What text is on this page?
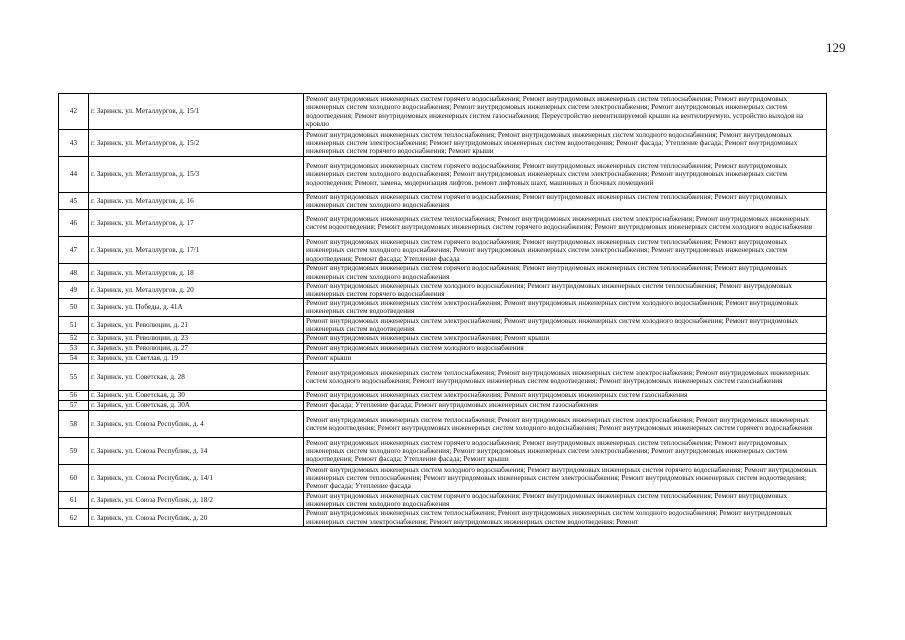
129
42	г. Заринск, ул. Металлургов, д. 15/1	Ремонт внутридомовых инженерных систем горячего водоснабжения; Ремонт внутридомовых инженерных систем теплоснабжения; Ремонт внутридомовых инженерных систем холодного водоснабжения; Ремонт внутридомовых инженерных систем электроснабжения; Ремонт внутридомовых инженерных систем водоотведения; Ремонт внутридомовых инженерных систем газоснабжения; Переустройство невентилируемой крыши на вентилируемую, устройство выходов на кровлю
43	г. Заринск, ул. Металлургов, д. 15/2	Ремонт внутридомовых инженерных систем теплоснабжения; Ремонт внутридомовых инженерных систем холодного водоснабжения; Ремонт внутридомовых инженерных систем электроснабжения; Ремонт внутридомовых инженерных систем водоотведения; Ремонт фасада; Утепление фасада; Ремонт внутридомовых инженерных систем горячего водоснабжения; Ремонт крыши
44	г. Заринск, ул. Металлургов, д. 15/3	Ремонт внутридомовых инженерных систем горячего водоснабжения; Ремонт внутридомовых инженерных систем теплоснабжения; Ремонт внутридомовых инженерных систем холодного водоснабжения; Ремонт внутридомовых инженерных систем электроснабжения; Ремонт внутридомовых инженерных систем водоотведения; Ремонт, замена, модернизация лифтов, ремонт лифтовых шахт, машинных и блочных помещений
45	г. Заринск, ул. Металлургов, д. 16	Ремонт внутридомовых инженерных систем горячего водоснабжения; Ремонт внутридомовых инженерных систем теплоснабжения; Ремонт внутридомовых инженерных систем холодного водоснабжения
46	г. Заринск, ул. Металлургов, д. 17	Ремонт внутридомовых инженерных систем теплоснабжения; Ремонт внутридомовых инженерных систем электроснабжения; Ремонт внутридомовых инженерных систем водоотведения; Ремонт внутридомовых инженерных систем горячего водоснабжения; Ремонт внутридомовых инженерных систем холодного водоснабжения
47	г. Заринск, ул. Металлургов, д. 17/1	Ремонт внутридомовых инженерных систем горячего водоснабжения; Ремонт внутридомовых инженерных систем теплоснабжения; Ремонт внутридомовых инженерных систем холодного водоснабжения; Ремонт внутридомовых инженерных систем электроснабжения; Ремонт внутридомовых инженерных систем водоотведения; Ремонт фасада; Утепление фасада
48	г. Заринск, ул. Металлургов, д. 18	Ремонт внутридомовых инженерных систем горячего водоснабжения; Ремонт внутридомовых инженерных систем теплоснабжения; Ремонт внутридомовых инженерных систем холодного водоснабжения
49	г. Заринск, ул. Металлургов, д. 20	Ремонт внутридомовых инженерных систем холодного водоснабжения; Ремонт внутридомовых инженерных систем теплоснабжения; Ремонт внутридомовых инженерных систем горячего водоснабжения
50	г. Заринск, ул. Победы, д. 41А	Ремонт внутридомовых инженерных систем электроснабжения; Ремонт внутридомовых инженерных систем холодного водоснабжения; Ремонт внутридомовых инженерных систем водоотведения
51	г. Заринск, ул. Революции, д. 21	Ремонт внутридомовых инженерных систем электроснабжения; Ремонт внутридомовых инженерных систем холодного водоснабжения; Ремонт внутридомовых инженерных систем водоотведения
52	г. Заринск, ул. Революции, д. 23	Ремонт внутридомовых инженерных систем электроснабжения; Ремонт крыши
53	г. Заринск, ул. Революции, д. 27	Ремонт внутридомовых инженерных систем холодного водоснабжения
54	г. Заринск, ул. Светлая, д. 19	Ремонт крыши
55	г. Заринск, ул. Советская, д. 28	Ремонт внутридомовых инженерных систем теплоснабжения; Ремонт внутридомовых инженерных систем электроснабжения; Ремонт внутридомовых инженерных систем холодного водоснабжения; Ремонт внутридомовых инженерных систем водоотведения; Ремонт внутридомовых инженерных систем газоснабжения
56	г. Заринск, ул. Советская, д. 30	Ремонт внутридомовых инженерных систем электроснабжения; Ремонт внутридомовых инженерных систем газоснабжения
57	г. Заринск, ул. Советская, д. 30А	Ремонт фасада; Утепление фасада; Ремонт внутридомовых инженерных систем газоснабжения
58	г. Заринск, ул. Союза Республик, д. 4	Ремонт внутридомовых инженерных систем теплоснабжения; Ремонт внутридомовых инженерных систем электроснабжения; Ремонт внутридомовых инженерных систем водоотведения; Ремонт внутридомовых инженерных систем холодного водоснабжения; Ремонт внутридомовых инженерных систем горячего водоснабжения
59	г. Заринск, ул. Союза Республик, д. 14	Ремонт внутридомовых инженерных систем горячего водоснабжения; Ремонт внутридомовых инженерных систем теплоснабжения; Ремонт внутридомовых инженерных систем холодного водоснабжения; Ремонт внутридомовых инженерных систем электроснабжения; Ремонт внутридомовых инженерных систем водоотведения; Ремонт фасада; Утепление фасада; Ремонт крыши
60	г. Заринск, ул. Союза Республик, д. 14/1	Ремонт внутридомовых инженерных систем холодного водоснабжения; Ремонт внутридомовых инженерных систем горячего водоснабжения; Ремонт внутридомовых инженерных систем теплоснабжения; Ремонт внутридомовых инженерных систем электроснабжения; Ремонт внутридомовых инженерных систем водоотведения; Ремонт фасада; Утепление фасада
61	г. Заринск, ул. Союза Республик, д. 18/2	Ремонт внутридомовых инженерных систем горячего водоснабжения; Ремонт внутридомовых инженерных систем теплоснабжения; Ремонт внутридомовых инженерных систем холодного водоснабжения
62	г. Заринск, ул. Союза Республик, д. 20	Ремонт внутридомовых инженерных систем теплоснабжения; Ремонт внутридомовых инженерных систем холодного водоснабжения; Ремонт внутридомовых инженерных систем электроснабжения; Ремонт внутридомовых инженерных систем водоотведения; Ремонт
